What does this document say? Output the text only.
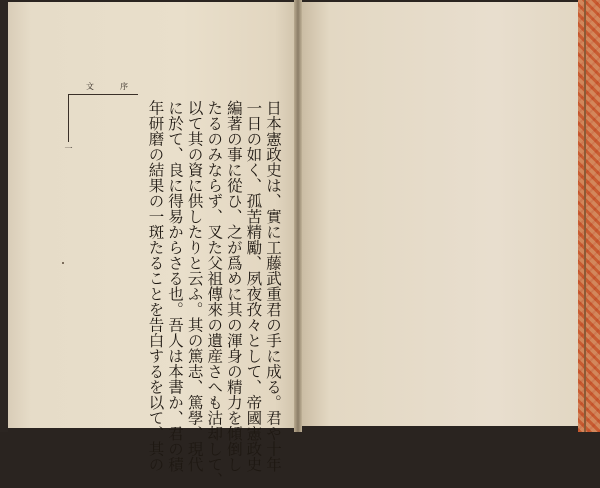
序
文
一	日本憲政史は、實に工藤武重君の手に成る。君や十年
一日の如く、孤苦精勵、夙夜孜々として、帝國憲政史
編著の事に從ひ、之が爲めに其の渾身の精力を傾倒し
たるのみならず、叉た父祖傳來の遺産さへも沽却して、
以て其の資に供したりと云ふ。其の篤志、篤學、現代
に於て、良に得易からさる也。吾人は本書か、君の積
年研磨の結果の一斑たることを告白するを以て、其の
